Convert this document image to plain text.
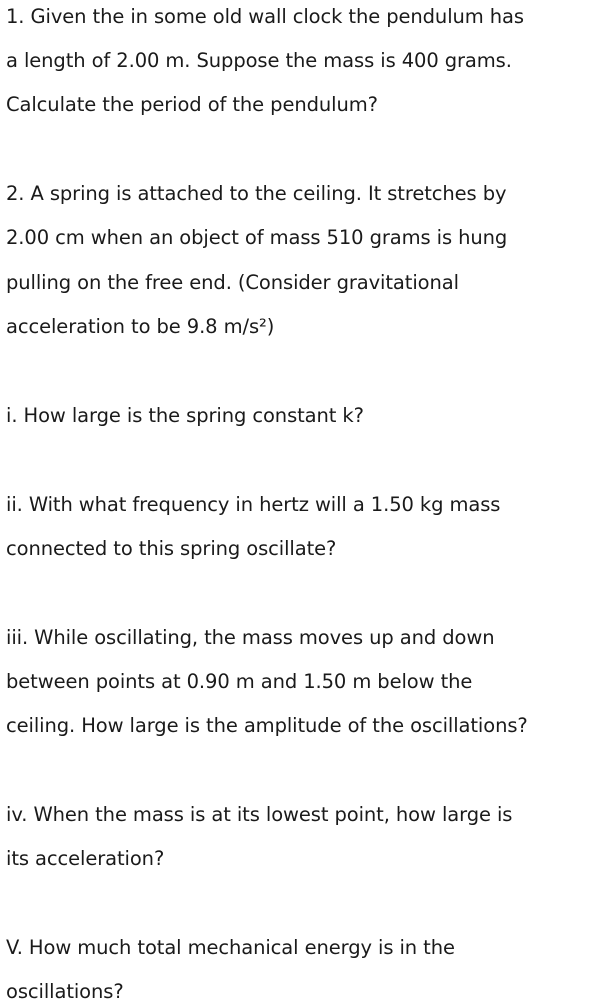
1. Given the in some old wall clock the pendulum has
a length of 2.00 m. Suppose the mass is 400 grams.
Calculate the period of the pendulum?
2. A spring is attached to the ceiling. It stretches by
2.00 cm when an object of mass 510 grams is hung
pulling on the free end. (Consider gravitational
acceleration to be 9.8 m/s²)
i. How large is the spring constant k?
ii. With what frequency in hertz will a 1.50 kg mass
connected to this spring oscillate?
iii. While oscillating, the mass moves up and down
between points at 0.90 m and 1.50 m below the
ceiling. How large is the amplitude of the oscillations?
iv. When the mass is at its lowest point, how large is
its acceleration?
V. How much total mechanical energy is in the
oscillations?
